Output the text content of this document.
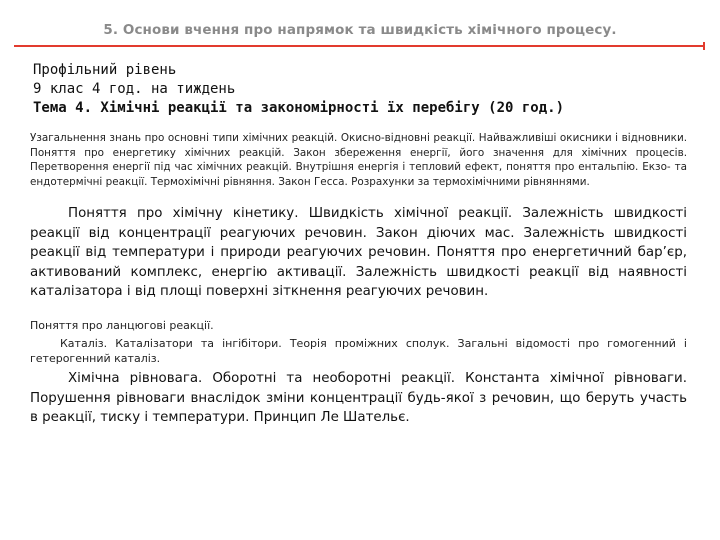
5. Основи вчення про напрямок та швидкість хімічного процесу.
Профільний рівень
9 клас 4 год. на тиждень
Тема 4. Хімічні реакції та закономірності їх перебігу (20 год.)

Узагальнення знань про основні типи хімічних реакцій. Окисно-відновні реакції. Найважливіші окисники і відновники. Поняття про енергетику хімічних реакцій. Закон збереження енергії, його значення для хімічних процесів. Перетворення енергії під час хімічних реакцій. Внутрішня енергія і тепловий ефект, поняття про ентальпію. Екзо- та ендотермічні реакції. Термохімічні рівняння. Закон Гесса. Розрахунки за термохімічними рівняннями.

Поняття про хімічну кінетику. Швидкість хімічної реакції. Залежність швидкості реакції від концентрації реагуючих речовин. Закон діючих мас. Залежність швидкості реакції від температури і природи реагуючих речовин. Поняття про енергетичний бар’єр, активований комплекс, енергію активації. Залежність швидкості реакції від наявності каталізатора і від площі поверхні зіткнення реагуючих речовин.

Поняття про ланцюгові реакції.

Каталіз. Каталізатори та інгібітори. Теорія проміжних сполук. Загальні відомості про гомогенний і гетерогенний каталіз.

Хімічна рівновага. Оборотні та необоротні реакції. Константа хімічної рівноваги. Порушення рівноваги внаслідок зміни концентрації будь-якої з речовин, що беруть участь в реакції, тиску і температури. Принцип Ле Шательє.
